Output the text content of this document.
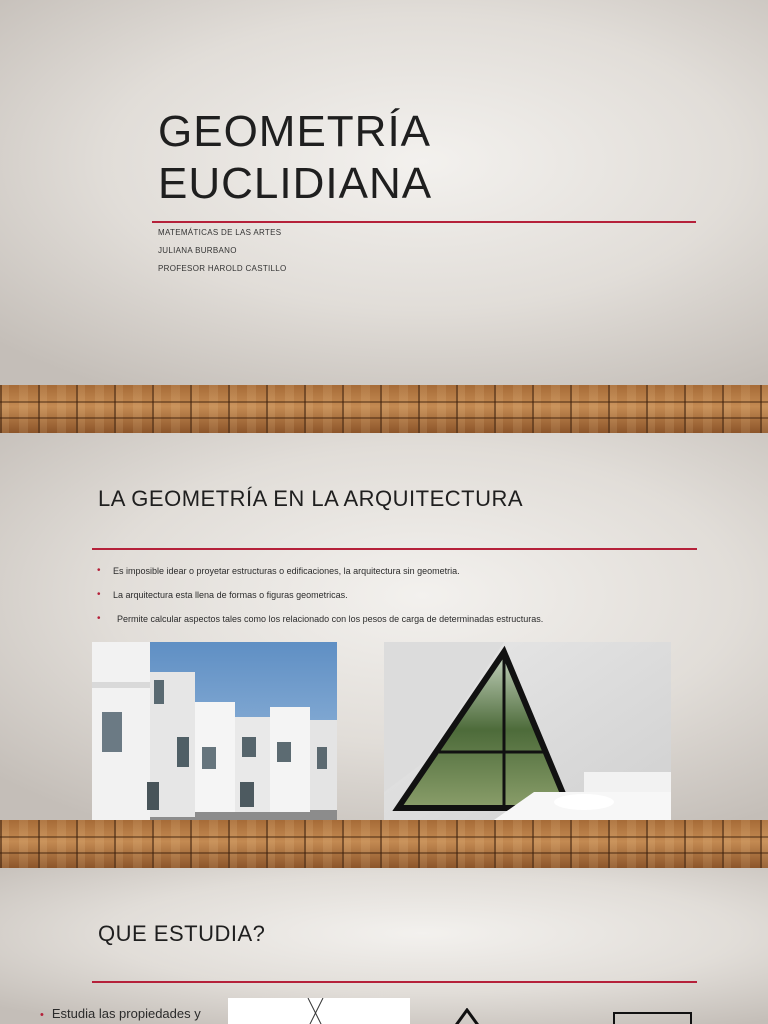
GEOMETRÍA
EUCLIDIANA
MATEMÁTICAS DE LAS ARTES
JULIANA BURBANO
PROFESOR HAROLD CASTILLO
LA GEOMETRÍA EN LA ARQUITECTURA
• Es imposible idear o proyetar estructuras o edificaciones, la arquitectura sin geometria.
• La arquitectura esta llena de formas o figuras geometricas.
• Permite calcular aspectos tales como los relacionado con los pesos de carga de determinadas estructuras.
QUE ESTUDIA?
• Estudia las propiedades y
